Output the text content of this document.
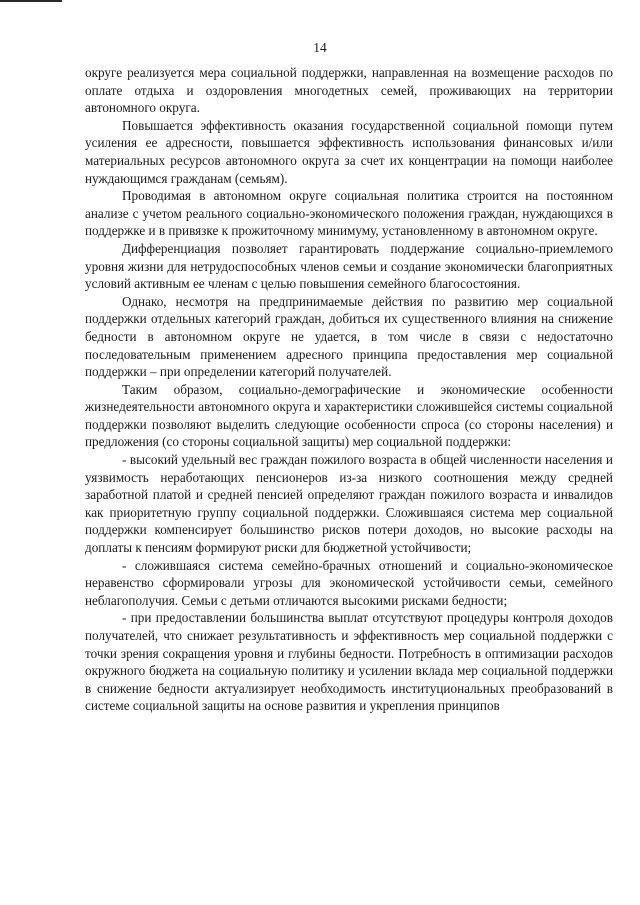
14

округе реализуется мера социальной поддержки, направленная на возмещение расходов по оплате отдыха и оздоровления многодетных семей, проживающих на территории автономного округа.

Повышается эффективность оказания государственной социальной помощи путем усиления ее адресности, повышается эффективность использования финансовых и/или материальных ресурсов автономного округа за счет их концентрации на помощи наиболее нуждающимся гражданам (семьям).

Проводимая в автономном округе социальная политика строится на постоянном анализе с учетом реального социально-экономического положения граждан, нуждающихся в поддержке и в привязке к прожиточному минимуму, установленному в автономном округе.

Дифференциация позволяет гарантировать поддержание социально-приемлемого уровня жизни для нетрудоспособных членов семьи и создание экономически благоприятных условий активным ее членам с целью повышения семейного благосостояния.

Однако, несмотря на предпринимаемые действия по развитию мер социальной поддержки отдельных категорий граждан, добиться их существенного влияния на снижение бедности в автономном округе не удается, в том числе в связи с недостаточно последовательным применением адресного принципа предоставления мер социальной поддержки – при определении категорий получателей.

Таким образом, социально-демографические и экономические особенности жизнедеятельности автономного округа и характеристики сложившейся системы социальной поддержки позволяют выделить следующие особенности спроса (со стороны населения) и предложения (со стороны социальной защиты) мер социальной поддержки:

- высокий удельный вес граждан пожилого возраста в общей численности населения и уязвимость неработающих пенсионеров из-за низкого соотношения между средней заработной платой и средней пенсией определяют граждан пожилого возраста и инвалидов как приоритетную группу социальной поддержки. Сложившаяся система мер социальной поддержки компенсирует большинство рисков потери доходов, но высокие расходы на доплаты к пенсиям формируют риски для бюджетной устойчивости;

- сложившаяся система семейно-брачных отношений и социально-экономическое неравенство сформировали угрозы для экономической устойчивости семьи, семейного неблагополучия. Семьи с детьми отличаются высокими рисками бедности;

- при предоставлении большинства выплат отсутствуют процедуры контроля доходов получателей, что снижает результативность и эффективность мер социальной поддержки с точки зрения сокращения уровня и глубины бедности. Потребность в оптимизации расходов окружного бюджета на социальную политику и усилении вклада мер социальной поддержки в снижение бедности актуализирует необходимость институциональных преобразований в системе социальной защиты на основе развития и укрепления принципов
